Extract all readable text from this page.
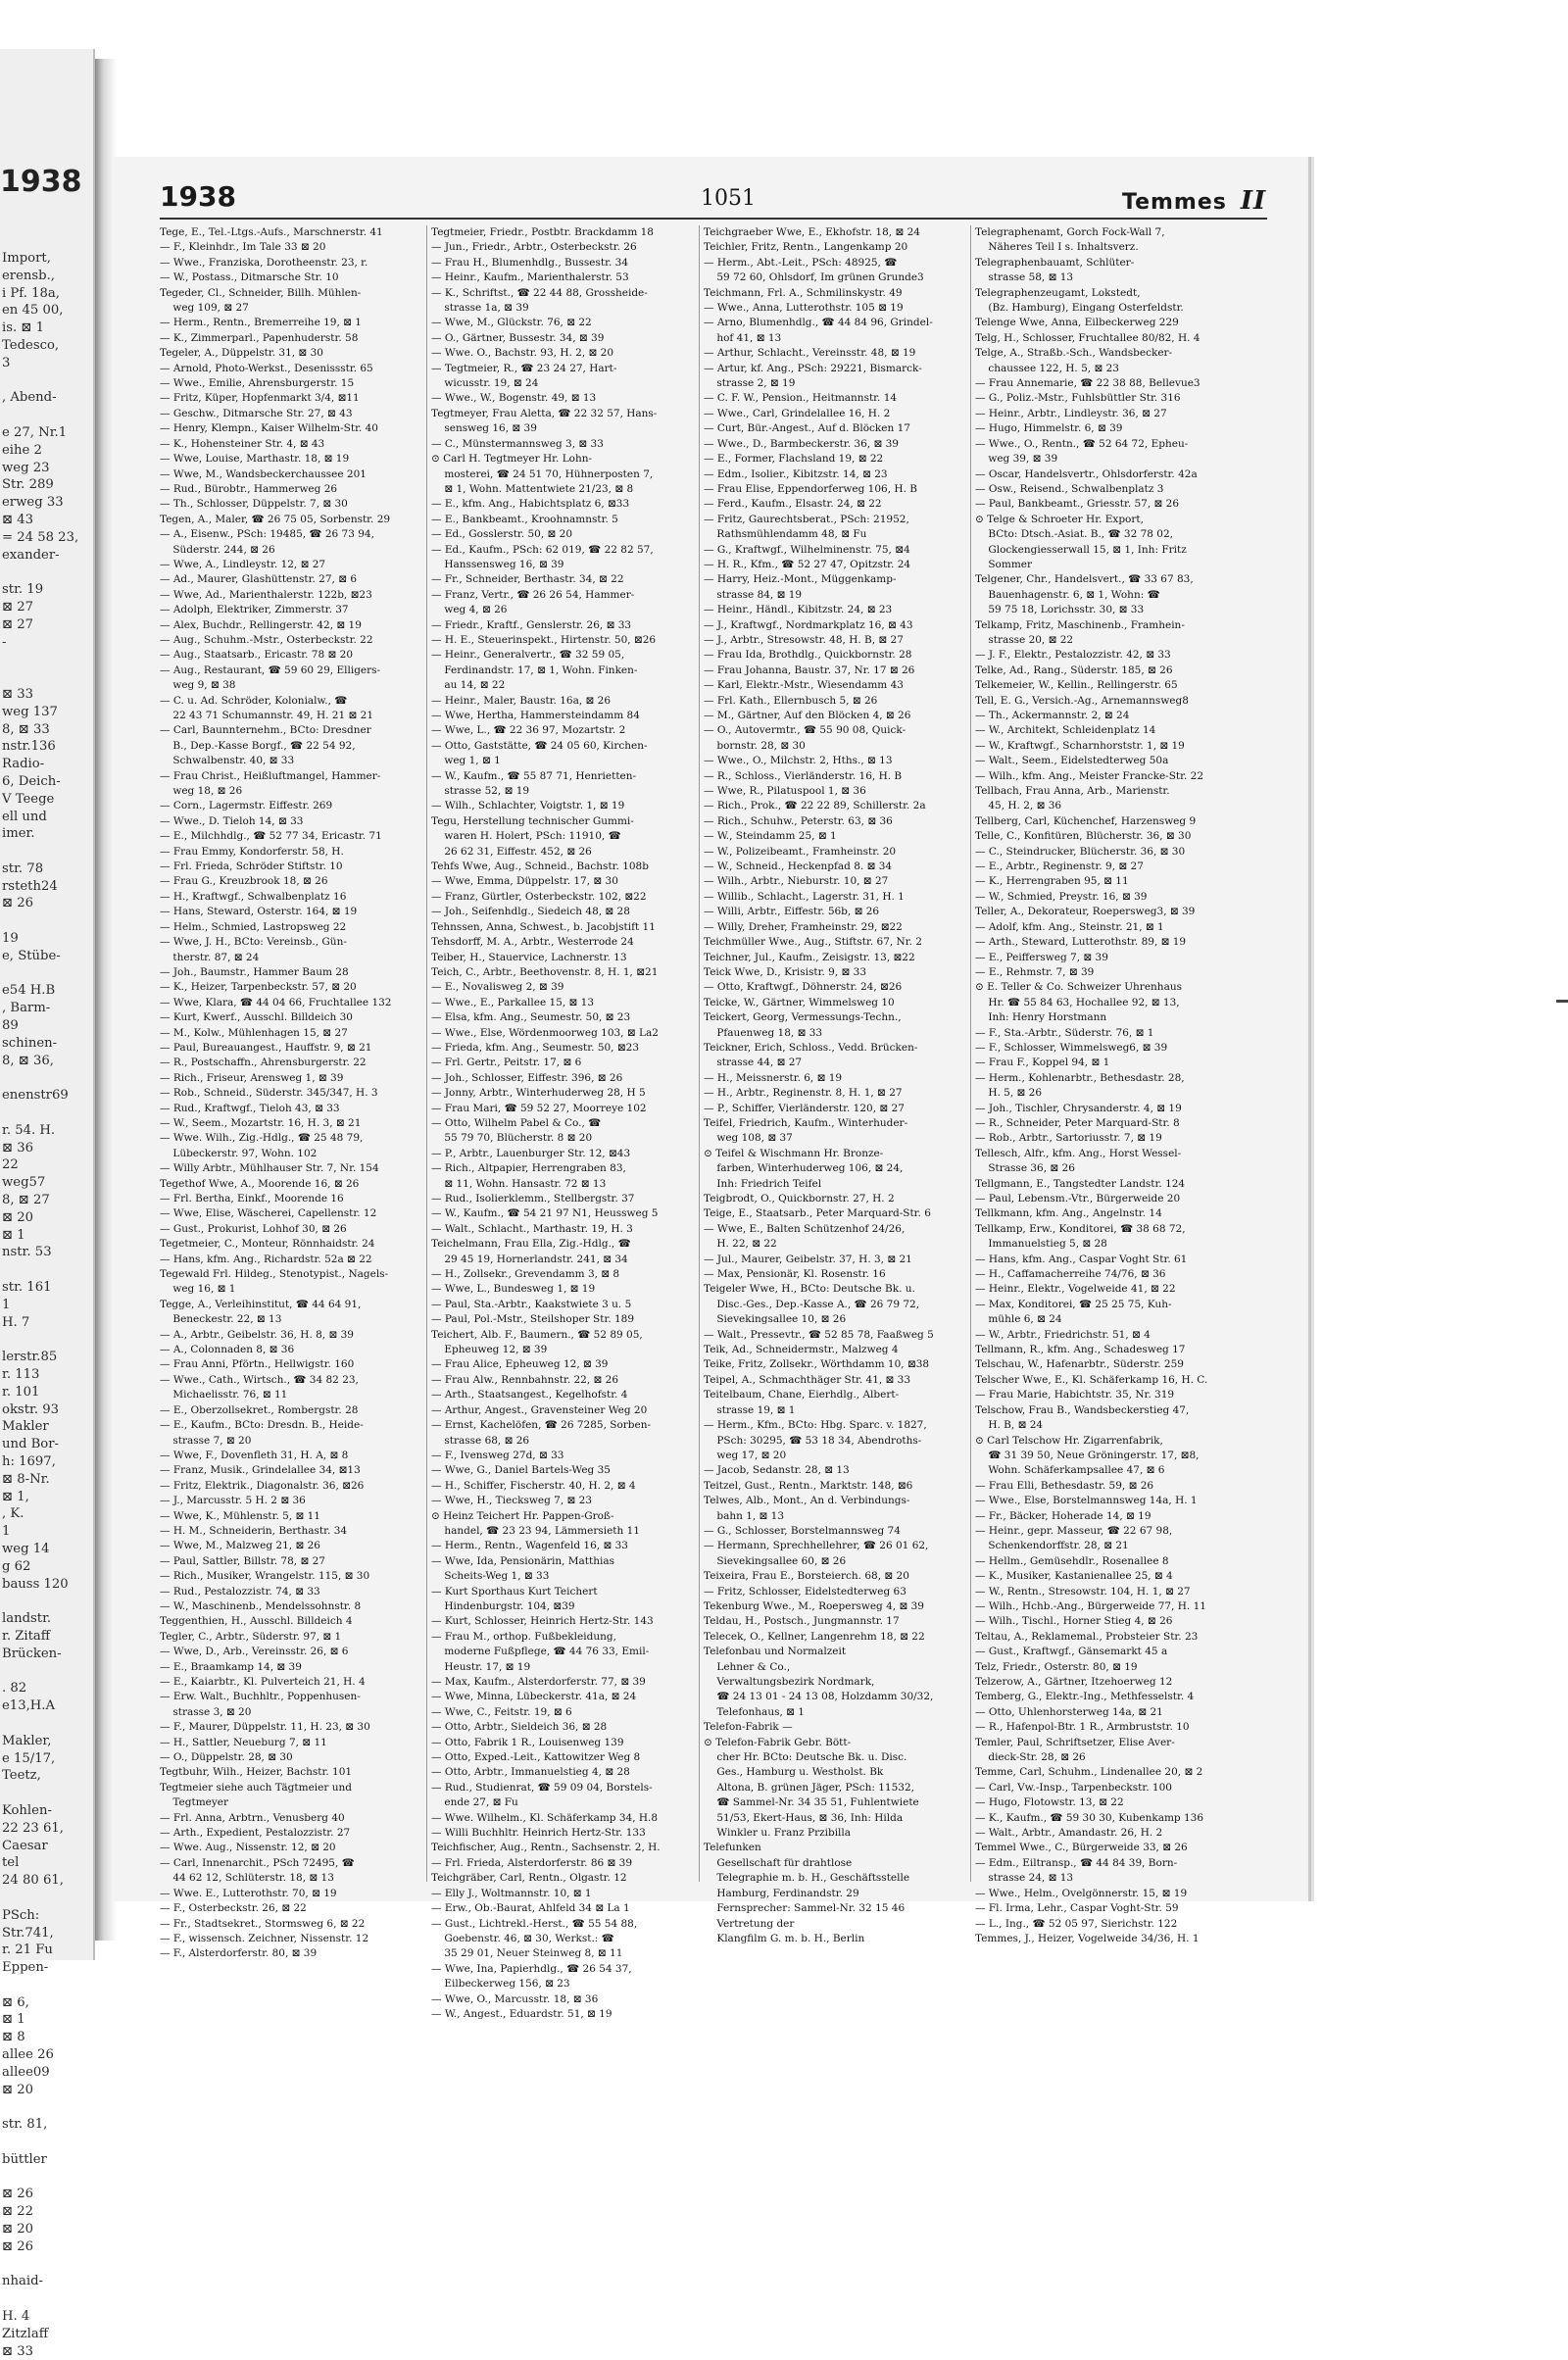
1938
Import,
erensb.,
i Pf. 18a,
en 45 00,
is. ⊠ 1
Tedesco,
3

, Abend-

e 27, Nr.1
eihe 2
weg 23
Str. 289
erweg 33
⊠ 43
= 24 58 23,
exander-

str. 19
⊠ 27
⊠ 27
-

⊠ 33
weg 137
8, ⊠ 33
nstr.136
Radio-
6, Deich-
V Teege
ell und
imer.

str. 78
rsteth24
⊠ 26

19
e, Stübe-

e54 H.B
, Barm-
89
schinen-
8, ⊠ 36,

enenstr69

r. 54. H.
⊠ 36
22
weg57
8, ⊠ 27
⊠ 20
⊠ 1
nstr. 53

str. 161
1
H. 7

lerstr.85
r. 113
r. 101
okstr. 93
Makler
und Bor-
h: 1697,
⊠ 8-Nr.
⊠ 1,
, K.
1
weg 14
g 62
bauss 120

landstr.
r. Zitaff
Brücken-

. 82
e13,H.A

Makler,
e 15/17,
Teetz,

Kohlen-
22 23 61,
Caesar
tel
24 80 61,

PSch:
Str.741,
r. 21 Fu
Eppen-

⊠ 6,
⊠ 1
⊠ 8
allee 26
allee09
⊠ 20

str. 81,

büttler

⊠ 26
⊠ 22
⊠ 20
⊠ 26

nhaid-

H. 4
Zitzlaff
⊠ 33
1938	1051	Temmes II
Tege, E., Tel.-Ltgs.-Aufs., Marschnerstr. 41
— F., Kleinhdr., Im Tale 33 ⊠ 20
— Wwe., Franziska, Dorotheenstr. 23, r.
— W., Postass., Ditmarsche Str. 10
Tegeder, Cl., Schneider, Billh. Mühlen-
weg 109, ⊠ 27
— Herm., Rentn., Bremerreihe 19, ⊠ 1
— K., Zimmerparl., Papenhuderstr. 58
Tegeler, A., Düppelstr. 31, ⊠ 30
— Arnold, Photo-Werkst., Desenissstr. 65
— Wwe., Emilie, Ahrensburgerstr. 15
— Fritz, Küper, Hopfenmarkt 3/4, ⊠11
— Geschw., Ditmarsche Str. 27, ⊠ 43
— Henry, Klempn., Kaiser Wilhelm-Str. 40
— K., Hohensteiner Str. 4, ⊠ 43
— Wwe, Louise, Marthastr. 18, ⊠ 19
— Wwe, M., Wandsbeckerchaussee 201
— Rud., Bürobtr., Hammerweg 26
— Th., Schlosser, Düppelstr. 7, ⊠ 30
Tegen, A., Maler, ☎ 26 75 05, Sorbenstr. 29
— A., Eisenw., PSch: 19485, ☎ 26 73 94,
Süderstr. 244, ⊠ 26
— Wwe, A., Lindleystr. 12, ⊠ 27
— Ad., Maurer, Glashüttenstr. 27, ⊠ 6
— Wwe, Ad., Marienthalerstr. 122b, ⊠23
— Adolph, Elektriker, Zimmerstr. 37
— Alex, Buchdr., Rellingerstr. 42, ⊠ 19
— Aug., Schuhm.-Mstr., Osterbeckstr. 22
— Aug., Staatsarb., Ericastr. 78 ⊠ 20
— Aug., Restaurant, ☎ 59 60 29, Elligers-
weg 9, ⊠ 38
— C. u. Ad. Schröder, Kolonialw., ☎
22 43 71 Schumannstr. 49, H. 21 ⊠ 21
— Carl, Baunnternehm., BCto: Dresdner
B., Dep.-Kasse Borgf., ☎ 22 54 92,
Schwalbenstr. 40, ⊠ 33
— Frau Christ., Heißluftmangel, Hammer-
weg 18, ⊠ 26
— Corn., Lagermstr. Eiffestr. 269
— Wwe., D. Tieloh 14, ⊠ 33
— E., Milchhdlg., ☎ 52 77 34, Ericastr. 71
— Frau Emmy, Kondorferstr. 58, H.
— Frl. Frieda, Schröder Stiftstr. 10
— Frau G., Kreuzbrook 18, ⊠ 26
— H., Kraftwgf., Schwalbenplatz 16
— Hans, Steward, Osterstr. 164, ⊠ 19
— Helm., Schmied, Lastropsweg 22
— Wwe, J. H., BCto: Vereinsb., Gün-
therstr. 87, ⊠ 24
— Joh., Baumstr., Hammer Baum 28
— K., Heizer, Tarpenbeckstr. 57, ⊠ 20
— Wwe, Klara, ☎ 44 04 66, Fruchtallee 132
— Kurt, Kwerf., Ausschl. Billdeich 30
— M., Kolw., Mühlenhagen 15, ⊠ 27
— Paul, Bureauangest., Hauffstr. 9, ⊠ 21
— R., Postschaffn., Ahrensburgerstr. 22
— Rich., Friseur, Arensweg 1, ⊠ 39
— Rob., Schneid., Süderstr. 345/347, H. 3
— Rud., Kraftwgf., Tieloh 43, ⊠ 33
— W., Seem., Mozartstr. 16, H. 3, ⊠ 21
— Wwe. Wilh., Zig.-Hdlg., ☎ 25 48 79,
Lübeckerstr. 97, Wohn. 102
— Willy Arbtr., Mühlhauser Str. 7, Nr. 154
Tegethof Wwe, A., Moorende 16, ⊠ 26
— Frl. Bertha, Einkf., Moorende 16
— Wwe, Elise, Wäscherei, Capellenstr. 12
— Gust., Prokurist, Lohhof 30, ⊠ 26
Tegetmeier, C., Monteur, Rönnhaidstr. 24
— Hans, kfm. Ang., Richardstr. 52a ⊠ 22
Tegewald Frl. Hildeg., Stenotypist., Nagels-
weg 16, ⊠ 1
Tegge, A., Verleihinstitut, ☎ 44 64 91,
Beneckestr. 22, ⊠ 13
— A., Arbtr., Geibelstr. 36, H. 8, ⊠ 39
— A., Colonnaden 8, ⊠ 36
— Frau Anni, Pförtn., Hellwigstr. 160
— Wwe., Cath., Wirtsch., ☎ 34 82 23,
Michaelisstr. 76, ⊠ 11
— E., Oberzollsekret., Rombergstr. 28
— E., Kaufm., BCto: Dresdn. B., Heide-
strasse 7, ⊠ 20
— Wwe, F., Dovenfleth 31, H. A, ⊠ 8
— Franz, Musik., Grindelallee 34, ⊠13
— Fritz, Elektrik., Diagonalstr. 36, ⊠26
— J., Marcusstr. 5 H. 2 ⊠ 36
— Wwe, K., Mühlenstr. 5, ⊠ 11
— H. M., Schneiderin, Berthastr. 34
— Wwe, M., Malzweg 21, ⊠ 26
— Paul, Sattler, Billstr. 78, ⊠ 27
— Rich., Musiker, Wrangelstr. 115, ⊠ 30
— Rud., Pestalozzistr. 74, ⊠ 33
— W., Maschinenb., Mendelssohnstr. 8
Teggenthien, H., Ausschl. Billdeich 4
Tegler, C., Arbtr., Süderstr. 97, ⊠ 1
— Wwe, D., Arb., Vereinsstr. 26, ⊠ 6
— E., Braamkamp 14, ⊠ 39
— E., Kaiarbtr., Kl. Pulverteich 21, H. 4
— Erw. Walt., Buchhltr., Poppenhusen-
strasse 3, ⊠ 20
— F., Maurer, Düppelstr. 11, H. 23, ⊠ 30
— H., Sattler, Neueburg 7, ⊠ 11
— O., Düppelstr. 28, ⊠ 30
Tegtbuhr, Wilh., Heizer, Bachstr. 101
Tegtmeier siehe auch Tägtmeier und
Tegtmeyer
— Frl. Anna, Arbtrn., Venusberg 40
— Arth., Expedient, Pestalozzistr. 27
— Wwe. Aug., Nissenstr. 12, ⊠ 20
— Carl, Innenarchit., PSch 72495, ☎
44 62 12, Schlüterstr. 18, ⊠ 13
— Wwe. E., Lutterothstr. 70, ⊠ 19
— F., Osterbeckstr. 26, ⊠ 22
— Fr., Stadtsekret., Stormsweg 6, ⊠ 22
— F., wissensch. Zeichner, Nissenstr. 12
— F., Alsterdorferstr. 80, ⊠ 39
Tegtmeier, Friedr., Postbtr. Brackdamm 18
— Jun., Friedr., Arbtr., Osterbeckstr. 26
— Frau H., Blumenhdlg., Bussestr. 34
— Heinr., Kaufm., Marienthalerstr. 53
— K., Schriftst., ☎ 22 44 88, Grossheide-
strasse 1a, ⊠ 39
— Wwe, M., Glückstr. 76, ⊠ 22
— O., Gärtner, Bussestr. 34, ⊠ 39
— Wwe. O., Bachstr. 93, H. 2, ⊠ 20
— Tegtmeier, R., ☎ 23 24 27, Hart-
wicusstr. 19, ⊠ 24
— Wwe., W., Bogenstr. 49, ⊠ 13
Tegtmeyer, Frau Aletta, ☎ 22 32 57, Hans-
sensweg 16, ⊠ 39
— C., Münstermannsweg 3, ⊠ 33
⊙ Carl H. Tegtmeyer Hr. Lohn-
mosterei, ☎ 24 51 70, Hühnerposten 7,
⊠ 1, Wohn. Mattentwiete 21/23, ⊠ 8
— E., kfm. Ang., Habichtsplatz 6, ⊠33
— E., Bankbeamt., Kroohnamnstr. 5
— Ed., Gosslerstr. 50, ⊠ 20
— Ed., Kaufm., PSch: 62 019, ☎ 22 82 57,
Hanssensweg 16, ⊠ 39
— Fr., Schneider, Berthastr. 34, ⊠ 22
— Franz, Vertr., ☎ 26 26 54, Hammer-
weg 4, ⊠ 26
— Friedr., Kraftf., Genslerstr. 26, ⊠ 33
— H. E., Steuerinspekt., Hirtenstr. 50, ⊠26
— Heinr., Generalvertr., ☎ 32 59 05,
Ferdinandstr. 17, ⊠ 1, Wohn. Finken-
au 14, ⊠ 22
— Heinr., Maler, Baustr. 16a, ⊠ 26
— Wwe, Hertha, Hammersteindamm 84
— Wwe, L., ☎ 22 36 97, Mozartstr. 2
— Otto, Gaststätte, ☎ 24 05 60, Kirchen-
weg 1, ⊠ 1
— W., Kaufm., ☎ 55 87 71, Henrietten-
strasse 52, ⊠ 19
— Wilh., Schlachter, Voigtstr. 1, ⊠ 19
Tegu, Herstellung technischer Gummi-
waren H. Holert, PSch: 11910, ☎
26 62 31, Eiffestr. 452, ⊠ 26
Tehfs Wwe, Aug., Schneid., Bachstr. 108b
— Wwe, Emma, Düppelstr. 17, ⊠ 30
— Franz, Gürtler, Osterbeckstr. 102, ⊠22
— Joh., Seifenhdlg., Siedeich 48, ⊠ 28
Tehnssen, Anna, Schwest., b. Jacobjstift 11
Tehsdorff, M. A., Arbtr., Westerrode 24
Teiber, H., Stauervice, Lachnerstr. 13
Teich, C., Arbtr., Beethovenstr. 8, H. 1, ⊠21
— E., Novalisweg 2, ⊠ 39
— Wwe., E., Parkallee 15, ⊠ 13
— Elsa, kfm. Ang., Seumestr. 50, ⊠ 23
— Wwe., Else, Wördenmoorweg 103, ⊠ La2
— Frieda, kfm. Ang., Seumestr. 50, ⊠23
— Frl. Gertr., Peitstr. 17, ⊠ 6
— Joh., Schlosser, Eiffestr. 396, ⊠ 26
— Jonny, Arbtr., Winterhuderweg 28, H 5
— Frau Mari, ☎ 59 52 27, Moorreye 102
— Otto, Wilhelm Pabel & Co., ☎
55 79 70, Blücherstr. 8 ⊠ 20
— P., Arbtr., Lauenburger Str. 12, ⊠43
— Rich., Altpapier, Herrengraben 83,
⊠ 11, Wohn. Hansastr. 72 ⊠ 13
— Rud., Isolierklemm., Stellbergstr. 37
— W., Kaufm., ☎ 54 21 97 N1, Heussweg 5
— Walt., Schlacht., Marthastr. 19, H. 3
Teichelmann, Frau Ella, Zig.-Hdlg., ☎
29 45 19, Hornerlandstr. 241, ⊠ 34
— H., Zollsekr., Grevendamm 3, ⊠ 8
— Wwe, L., Bundesweg 1, ⊠ 19
— Paul, Sta.-Arbtr., Kaakstwiete 3 u. 5
— Paul, Pol.-Mstr., Steilshoper Str. 189
Teichert, Alb. F., Baumern., ☎ 52 89 05,
Epheuweg 12, ⊠ 39
— Frau Alice, Epheuweg 12, ⊠ 39
— Frau Alw., Rennbahnstr. 22, ⊠ 26
— Arth., Staatsangest., Kegelhofstr. 4
— Arthur, Angest., Gravensteiner Weg 20
— Ernst, Kachelöfen, ☎ 26 7285, Sorben-
strasse 68, ⊠ 26
— F., Ivensweg 27d, ⊠ 33
— Wwe, G., Daniel Bartels-Weg 35
— H., Schiffer, Fischerstr. 40, H. 2, ⊠ 4
— Wwe, H., Tiecksweg 7, ⊠ 23
⊙ Heinz Teichert Hr. Pappen-Groß-
handel, ☎ 23 23 94, Lämmersieth 11
— Herm., Rentn., Wagenfeld 16, ⊠ 33
— Wwe, Ida, Pensionärin, Matthias
Scheits-Weg 1, ⊠ 33
— Kurt Sporthaus Kurt Teichert
Hindenburgstr. 104, ⊠39
— Kurt, Schlosser, Heinrich Hertz-Str. 143
— Frau M., orthop. Fußbekleidung,
moderne Fußpflege, ☎ 44 76 33, Emil-
Heustr. 17, ⊠ 19
— Max, Kaufm., Alsterdorferstr. 77, ⊠ 39
— Wwe, Minna, Lübeckerstr. 41a, ⊠ 24
— Wwe, C., Feitstr. 19, ⊠ 6
— Otto, Arbtr., Sieldeich 36, ⊠ 28
— Otto, Fabrik 1 R., Louisenweg 139
— Otto, Exped.-Leit., Kattowitzer Weg 8
— Otto, Arbtr., Immanuelstieg 4, ⊠ 28
— Rud., Studienrat, ☎ 59 09 04, Borstels-
ende 27, ⊠ Fu
— Wwe. Wilhelm., Kl. Schäferkamp 34, H.8
— Willi Buchhltr. Heinrich Hertz-Str. 133
Teichfischer, Aug., Rentn., Sachsenstr. 2, H.
— Frl. Frieda, Alsterdorferstr. 86 ⊠ 39
Teichgräber, Carl, Rentn., Olgastr. 12
— Elly J., Woltmannstr. 10, ⊠ 1
— Erw., Ob.-Baurat, Ahlfeld 34 ⊠ La 1
— Gust., Lichtrekl.-Herst., ☎ 55 54 88,
Goebenstr. 46, ⊠ 30, Werkst.: ☎
35 29 01, Neuer Steinweg 8, ⊠ 11
— Wwe, Ina, Papierhdlg., ☎ 26 54 37,
Eilbeckerweg 156, ⊠ 23
— Wwe, O., Marcusstr. 18, ⊠ 36
— W., Angest., Eduardstr. 51, ⊠ 19
Teichgraeber Wwe, E., Ekhofstr. 18, ⊠ 24
Teichler, Fritz, Rentn., Langenkamp 20
— Herm., Abt.-Leit., PSch: 48925, ☎
59 72 60, Ohlsdorf, Im grünen Grunde3
Teichmann, Frl. A., Schmilinskystr. 49
— Wwe., Anna, Lutterothstr. 105 ⊠ 19
— Arno, Blumenhdlg., ☎ 44 84 96, Grindel-
hof 41, ⊠ 13
— Arthur, Schlacht., Vereinsstr. 48, ⊠ 19
— Artur, kf. Ang., PSch: 29221, Bismarck-
strasse 2, ⊠ 19
— C. F. W., Pension., Heitmannstr. 14
— Wwe., Carl, Grindelallee 16, H. 2
— Curt, Bür.-Angest., Auf d. Blöcken 17
— Wwe., D., Barmbeckerstr. 36, ⊠ 39
— E., Former, Flachsland 19, ⊠ 22
— Edm., Isolier., Kibitzstr. 14, ⊠ 23
— Frau Elise, Eppendorferweg 106, H. B
— Ferd., Kaufm., Elsastr. 24, ⊠ 22
— Fritz, Gaurechtsberat., PSch: 21952,
Rathsmühlendamm 48, ⊠ Fu
— G., Kraftwgf., Wilhelminenstr. 75, ⊠4
— H. R., Kfm., ☎ 52 27 47, Opitzstr. 24
— Harry, Heiz.-Mont., Müggenkamp-
strasse 84, ⊠ 19
— Heinr., Händl., Kibitzstr. 24, ⊠ 23
— J., Kraftwgf., Nordmarkplatz 16, ⊠ 43
— J., Arbtr., Stresowstr. 48, H. B, ⊠ 27
— Frau Ida, Brothdlg., Quickbornstr. 28
— Frau Johanna, Baustr. 37, Nr. 17 ⊠ 26
— Karl, Elektr.-Mstr., Wiesendamm 43
— Frl. Kath., Ellernbusch 5, ⊠ 26
— M., Gärtner, Auf den Blöcken 4, ⊠ 26
— O., Autovermtr., ☎ 55 90 08, Quick-
bornstr. 28, ⊠ 30
— Wwe., O., Milchstr. 2, Hths., ⊠ 13
— R., Schloss., Vierländerstr. 16, H. B
— Wwe, R., Pilatuspool 1, ⊠ 36
— Rich., Prok., ☎ 22 22 89, Schillerstr. 2a
— Rich., Schuhw., Peterstr. 63, ⊠ 36
— W., Steindamm 25, ⊠ 1
— W., Polizeibeamt., Framheinstr. 20
— W., Schneid., Heckenpfad 8. ⊠ 34
— Wilh., Arbtr., Nieburstr. 10, ⊠ 27
— Willib., Schlacht., Lagerstr. 31, H. 1
— Willi, Arbtr., Eiffestr. 56b, ⊠ 26
— Willy, Dreher, Framheinstr. 29, ⊠22
Teichmüller Wwe., Aug., Stiftstr. 67, Nr. 2
Teichner, Jul., Kaufm., Zeisigstr. 13, ⊠22
Teick Wwe, D., Krisistr. 9, ⊠ 33
— Otto, Kraftwgf., Döhnerstr. 24, ⊠26
Teicke, W., Gärtner, Wimmelsweg 10
Teickert, Georg, Vermessungs-Techn.,
Pfauenweg 18, ⊠ 33
Teickner, Erich, Schloss., Vedd. Brücken-
strasse 44, ⊠ 27
— H., Meissnerstr. 6, ⊠ 19
— H., Arbtr., Reginenstr. 8, H. 1, ⊠ 27
— P., Schiffer, Vierländerstr. 120, ⊠ 27
Teifel, Friedrich, Kaufm., Winterhuder-
weg 108, ⊠ 37
⊙ Teifel & Wischmann Hr. Bronze-
farben, Winterhuderweg 106, ⊠ 24,
Inh: Friedrich Teifel
Teigbrodt, O., Quickbornstr. 27, H. 2
Teige, E., Staatsarb., Peter Marquard-Str. 6
— Wwe, E., Balten Schützenhof 24/26,
H. 22, ⊠ 22
— Jul., Maurer, Geibelstr. 37, H. 3, ⊠ 21
— Max, Pensionär, Kl. Rosenstr. 16
Teigeler Wwe, H., BCto: Deutsche Bk. u.
Disc.-Ges., Dep.-Kasse A., ☎ 26 79 72,
Sievekingsallee 10, ⊠ 26
— Walt., Pressevtr., ☎ 52 85 78, Faaßweg 5
Teik, Ad., Schneidermstr., Malzweg 4
Teike, Fritz, Zollsekr., Wörthdamm 10, ⊠38
Teipel, A., Schmachthäger Str. 41, ⊠ 33
Teitelbaum, Chane, Eierhdlg., Albert-
strasse 19, ⊠ 1
— Herm., Kfm., BCto: Hbg. Sparc. v. 1827,
PSch: 30295, ☎ 53 18 34, Abendroths-
weg 17, ⊠ 20
— Jacob, Sedanstr. 28, ⊠ 13
Teitzel, Gust., Rentn., Marktstr. 148, ⊠6
Telwes, Alb., Mont., An d. Verbindungs-
bahn 1, ⊠ 13
— G., Schlosser, Borstelmannsweg 74
— Hermann, Sprechhellehrer, ☎ 26 01 62,
Sievekingsallee 60, ⊠ 26
Teixeira, Frau E., Borsteierch. 68, ⊠ 20
— Fritz, Schlosser, Eidelstedterweg 63
Tekenburg Wwe., M., Roepersweg 4, ⊠ 39
Teldau, H., Postsch., Jungmannstr. 17
Telecek, O., Kellner, Langenrehm 18, ⊠ 22
Telefonbau und Normalzeit
Lehner & Co.,
Verwaltungsbezirk Nordmark,
☎ 24 13 01 - 24 13 08, Holzdamm 30/32,
Telefonhaus, ⊠ 1
Telefon-Fabrik —
⊙ Telefon-Fabrik Gebr. Bött-
cher Hr. BCto: Deutsche Bk. u. Disc.
Ges., Hamburg u. Westholst. Bk
Altona, B. grünen Jäger, PSch: 11532,
☎ Sammel-Nr. 34 35 51, Fuhlentwiete
51/53, Ekert-Haus, ⊠ 36, Inh: Hilda
Winkler u. Franz Przibilla
Telefunken
Gesellschaft für drahtlose
Telegraphie m. b. H., Geschäftsstelle
Hamburg, Ferdinandstr. 29
Fernsprecher: Sammel-Nr. 32 15 46
Vertretung der
Klangfilm G. m. b. H., Berlin
Telegraphenamt, Gorch Fock-Wall 7,
Näheres Teil I s. Inhaltsverz.
Telegraphenbauamt, Schlüter-
strasse 58, ⊠ 13
Telegraphenzeugamt, Lokstedt,
(Bz. Hamburg), Eingang Osterfeldstr.
Telenge Wwe, Anna, Eilbeckerweg 229
Telg, H., Schlosser, Fruchtallee 80/82, H. 4
Telge, A., Straßb.-Sch., Wandsbecker-
chaussee 122, H. 5, ⊠ 23
— Frau Annemarie, ☎ 22 38 88, Bellevue3
— G., Poliz.-Mstr., Fuhlsbüttler Str. 316
— Heinr., Arbtr., Lindleystr. 36, ⊠ 27
— Hugo, Himmelstr. 6, ⊠ 39
— Wwe., O., Rentn., ☎ 52 64 72, Epheu-
weg 39, ⊠ 39
— Oscar, Handelsvertr., Ohlsdorferstr. 42a
— Osw., Reisend., Schwalbenplatz 3
— Paul, Bankbeamt., Griesstr. 57, ⊠ 26
⊙ Telge & Schroeter Hr. Export,
BCto: Dtsch.-Asiat. B., ☎ 32 78 02,
Glockengiesserwall 15, ⊠ 1, Inh: Fritz
Sommer
Telgener, Chr., Handelsvert., ☎ 33 67 83,
Bauenhagenstr. 6, ⊠ 1, Wohn: ☎
59 75 18, Lorichsstr. 30, ⊠ 33
Telkamp, Fritz, Maschinenb., Framhein-
strasse 20, ⊠ 22
— J. F., Elektr., Pestalozzistr. 42, ⊠ 33
Telke, Ad., Rang., Süderstr. 185, ⊠ 26
Telkemeier, W., Kellin., Rellingerstr. 65
Tell, E. G., Versich.-Ag., Arnemannsweg8
— Th., Ackermannstr. 2, ⊠ 24
— W., Architekt, Schleidenplatz 14
— W., Kraftwgf., Scharnhorststr. 1, ⊠ 19
— Walt., Seem., Eidelstedterweg 50a
— Wilh., kfm. Ang., Meister Francke-Str. 22
Tellbach, Frau Anna, Arb., Marienstr.
45, H. 2, ⊠ 36
Tellberg, Carl, Küchenchef, Harzensweg 9
Telle, C., Konfitüren, Blücherstr. 36, ⊠ 30
— C., Steindrucker, Blücherstr. 36, ⊠ 30
— E., Arbtr., Reginenstr. 9, ⊠ 27
— K., Herrengraben 95, ⊠ 11
— W., Schmied, Preystr. 16, ⊠ 39
Teller, A., Dekorateur, Roepersweg3, ⊠ 39
— Adolf, kfm. Ang., Steinstr. 21, ⊠ 1
— Arth., Steward, Lutterothstr. 89, ⊠ 19
— E., Peiffersweg 7, ⊠ 39
— E., Rehmstr. 7, ⊠ 39
⊙ E. Teller & Co. Schweizer Uhrenhaus
Hr. ☎ 55 84 63, Hochallee 92, ⊠ 13,
Inh: Henry Horstmann
— F., Sta.-Arbtr., Süderstr. 76, ⊠ 1
— F., Schlosser, Wimmelsweg6, ⊠ 39
— Frau F., Koppel 94, ⊠ 1
— Herm., Kohlenarbtr., Bethesdastr. 28,
H. 5, ⊠ 26
— Joh., Tischler, Chrysanderstr. 4, ⊠ 19
— R., Schneider, Peter Marquard-Str. 8
— Rob., Arbtr., Sartoriusstr. 7, ⊠ 19
Tellesch, Alfr., kfm. Ang., Horst Wessel-
Strasse 36, ⊠ 26
Tellgmann, E., Tangstedter Landstr. 124
— Paul, Lebensm.-Vtr., Bürgerweide 20
Tellkmann, kfm. Ang., Angelnstr. 14
Tellkamp, Erw., Konditorei, ☎ 38 68 72,
Immanuelstieg 5, ⊠ 28
— Hans, kfm. Ang., Caspar Voght Str. 61
— H., Caffamacherreihe 74/76, ⊠ 36
— Heinr., Elektr., Vogelweide 41, ⊠ 22
— Max, Konditorei, ☎ 25 25 75, Kuh-
mühle 6, ⊠ 24
— W., Arbtr., Friedrichstr. 51, ⊠ 4
Tellmann, R., kfm. Ang., Schadesweg 17
Telschau, W., Hafenarbtr., Süderstr. 259
Telscher Wwe, E., Kl. Schäferkamp 16, H. C.
— Frau Marie, Habichtstr. 35, Nr. 319
Telschow, Frau B., Wandsbeckerstieg 47,
H. B, ⊠ 24
⊙ Carl Telschow Hr. Zigarrenfabrik,
☎ 31 39 50, Neue Gröningerstr. 17, ⊠8,
Wohn. Schäferkampsallee 47, ⊠ 6
— Frau Elli, Bethesdastr. 59, ⊠ 26
— Wwe., Else, Borstelmannsweg 14a, H. 1
— Fr., Bäcker, Hoherade 14, ⊠ 19
— Heinr., gepr. Masseur, ☎ 22 67 98,
Schenkendorffstr. 28, ⊠ 21
— Hellm., Gemüsehdlr., Rosenallee 8
— K., Musiker, Kastanienallee 25, ⊠ 4
— W., Rentn., Stresowstr. 104, H. 1, ⊠ 27
— Wilh., Hchb.-Ang., Bürgerweide 77, H. 11
— Wilh., Tischl., Horner Stieg 4, ⊠ 26
Teltau, A., Reklamemal., Probsteier Str. 23
— Gust., Kraftwgf., Gänsemarkt 45 a
Telz, Friedr., Osterstr. 80, ⊠ 19
Telzerow, A., Gärtner, Itzehoerweg 12
Temberg, G., Elektr.-Ing., Methfesselstr. 4
— Otto, Uhlenhorsterweg 14a, ⊠ 21
— R., Hafenpol-Btr. 1 R., Armbruststr. 10
Temler, Paul, Schriftsetzer, Elise Aver-
dieck-Str. 28, ⊠ 26
Temme, Carl, Schuhm., Lindenallee 20, ⊠ 2
— Carl, Vw.-Insp., Tarpenbeckstr. 100
— Hugo, Flotowstr. 13, ⊠ 22
— K., Kaufm., ☎ 59 30 30, Kubenkamp 136
— Walt., Arbtr., Amandastr. 26, H. 2
Temmel Wwe., C., Bürgerweide 33, ⊠ 26
— Edm., Eiltransp., ☎ 44 84 39, Born-
strasse 24, ⊠ 13
— Wwe., Helm., Ovelgönnerstr. 15, ⊠ 19
— Fl. Irma, Lehr., Caspar Voght-Str. 59
— L., Ing., ☎ 52 05 97, Sierichstr. 122
Temmes, J., Heizer, Vogelweide 34/36, H. 1
